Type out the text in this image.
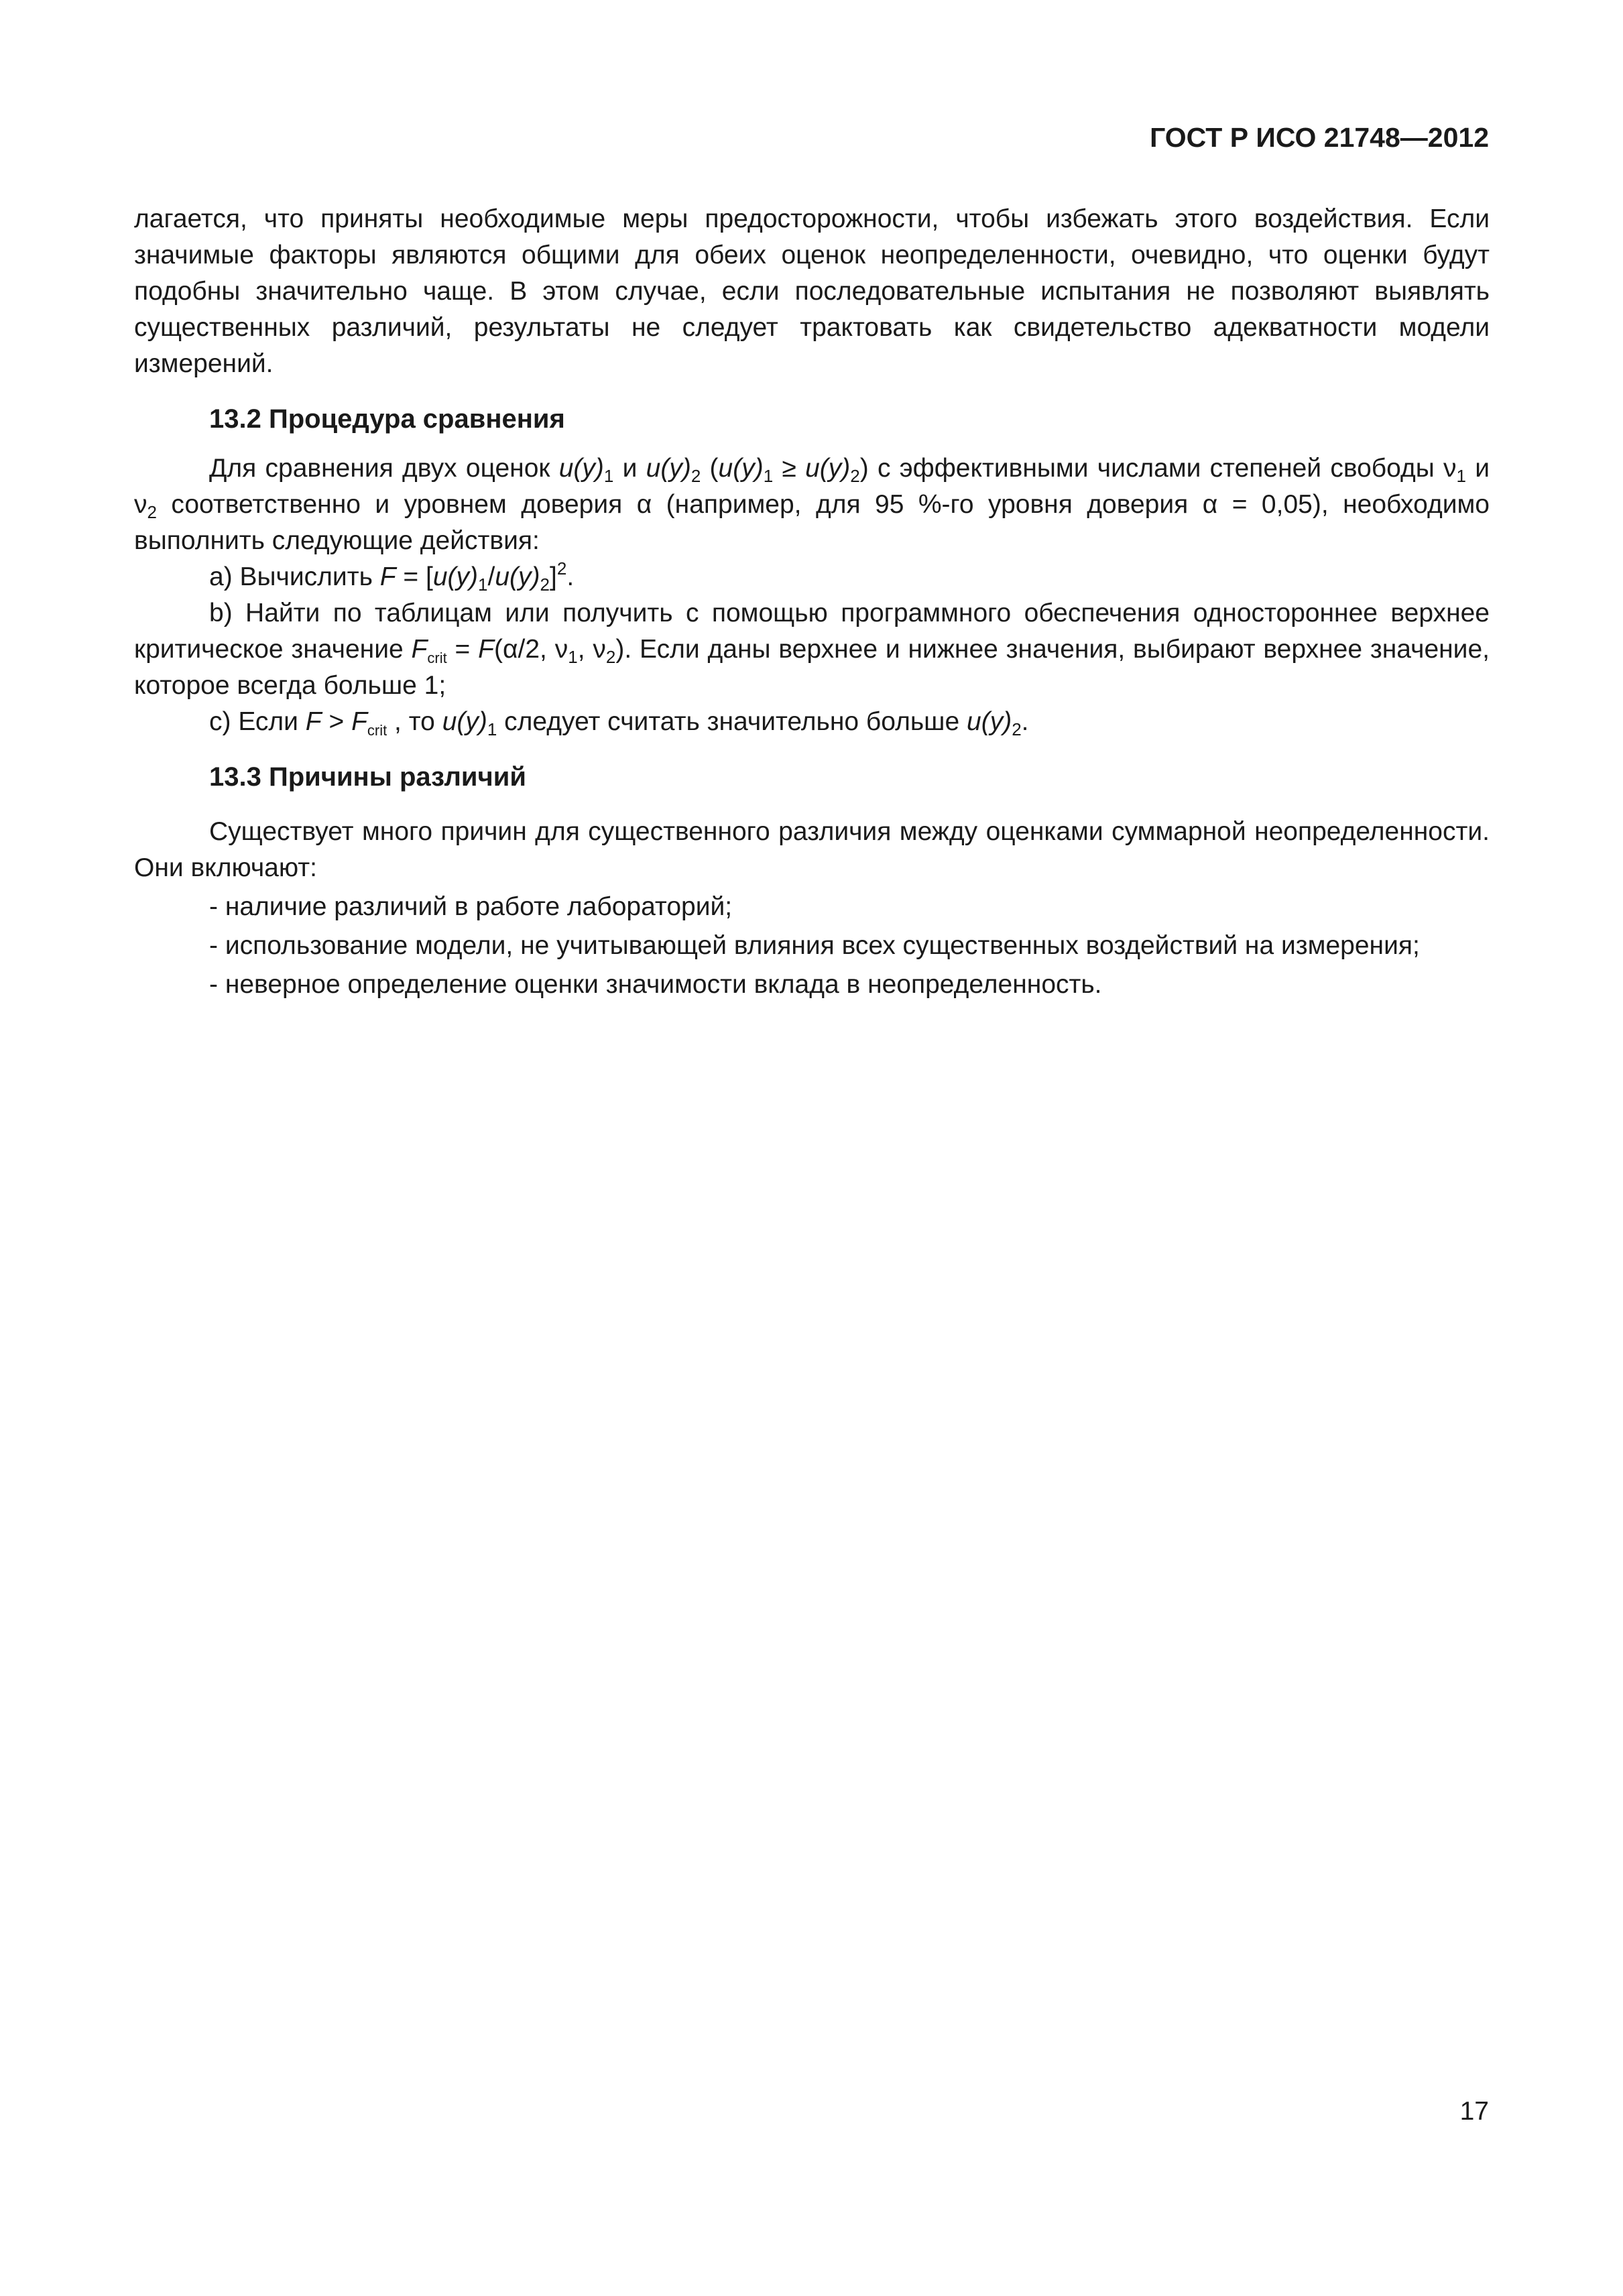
ГОСТ Р ИСО 21748—2012

лагается, что приняты необходимые меры предосторожности, чтобы избежать этого воздействия. Если значимые факторы являются общими для обеих оценок неопределенности, очевидно, что оценки будут подобны значительно чаще. В этом случае, если последовательные испытания не позволяют выявлять существенных различий, результаты не следует трактовать как свидетельство адекватности модели измерений.

13.2 Процедура сравнения

Для сравнения двух оценок $u(y)_1$ и $u(y)_2$ $(u(y)_1 \ge u(y)_2)$ с эффективными числами степеней свободы $\nu_1$ и $\nu_2$ соответственно и уровнем доверия α (например, для 95 %-го уровня доверия α = 0,05), необходимо выполнить следующие действия:

a) Вычислить $F = [u(y)_1/u(y)_2]^2$.

b) Найти по таблицам или получить с помощью программного обеспечения одностороннее верхнее критическое значение $F_{crit} = F(\alpha/2$, $\nu_1$, $\nu_2$). Если даны верхнее и нижнее значения, выбирают верхнее значение, которое всегда больше 1;

c) Если $F > F_{crit}$ , то $u(y)_1$ следует считать значительно больше $u(y)_2$.

13.3 Причины различий

Существует много причин для существенного различия между оценками суммарной неопределенности. Они включают:

- наличие различий в работе лабораторий;

- использование модели, не учитывающей влияния всех существенных воздействий на измерения;

- неверное определение оценки значимости вклада в неопределенность.

17
